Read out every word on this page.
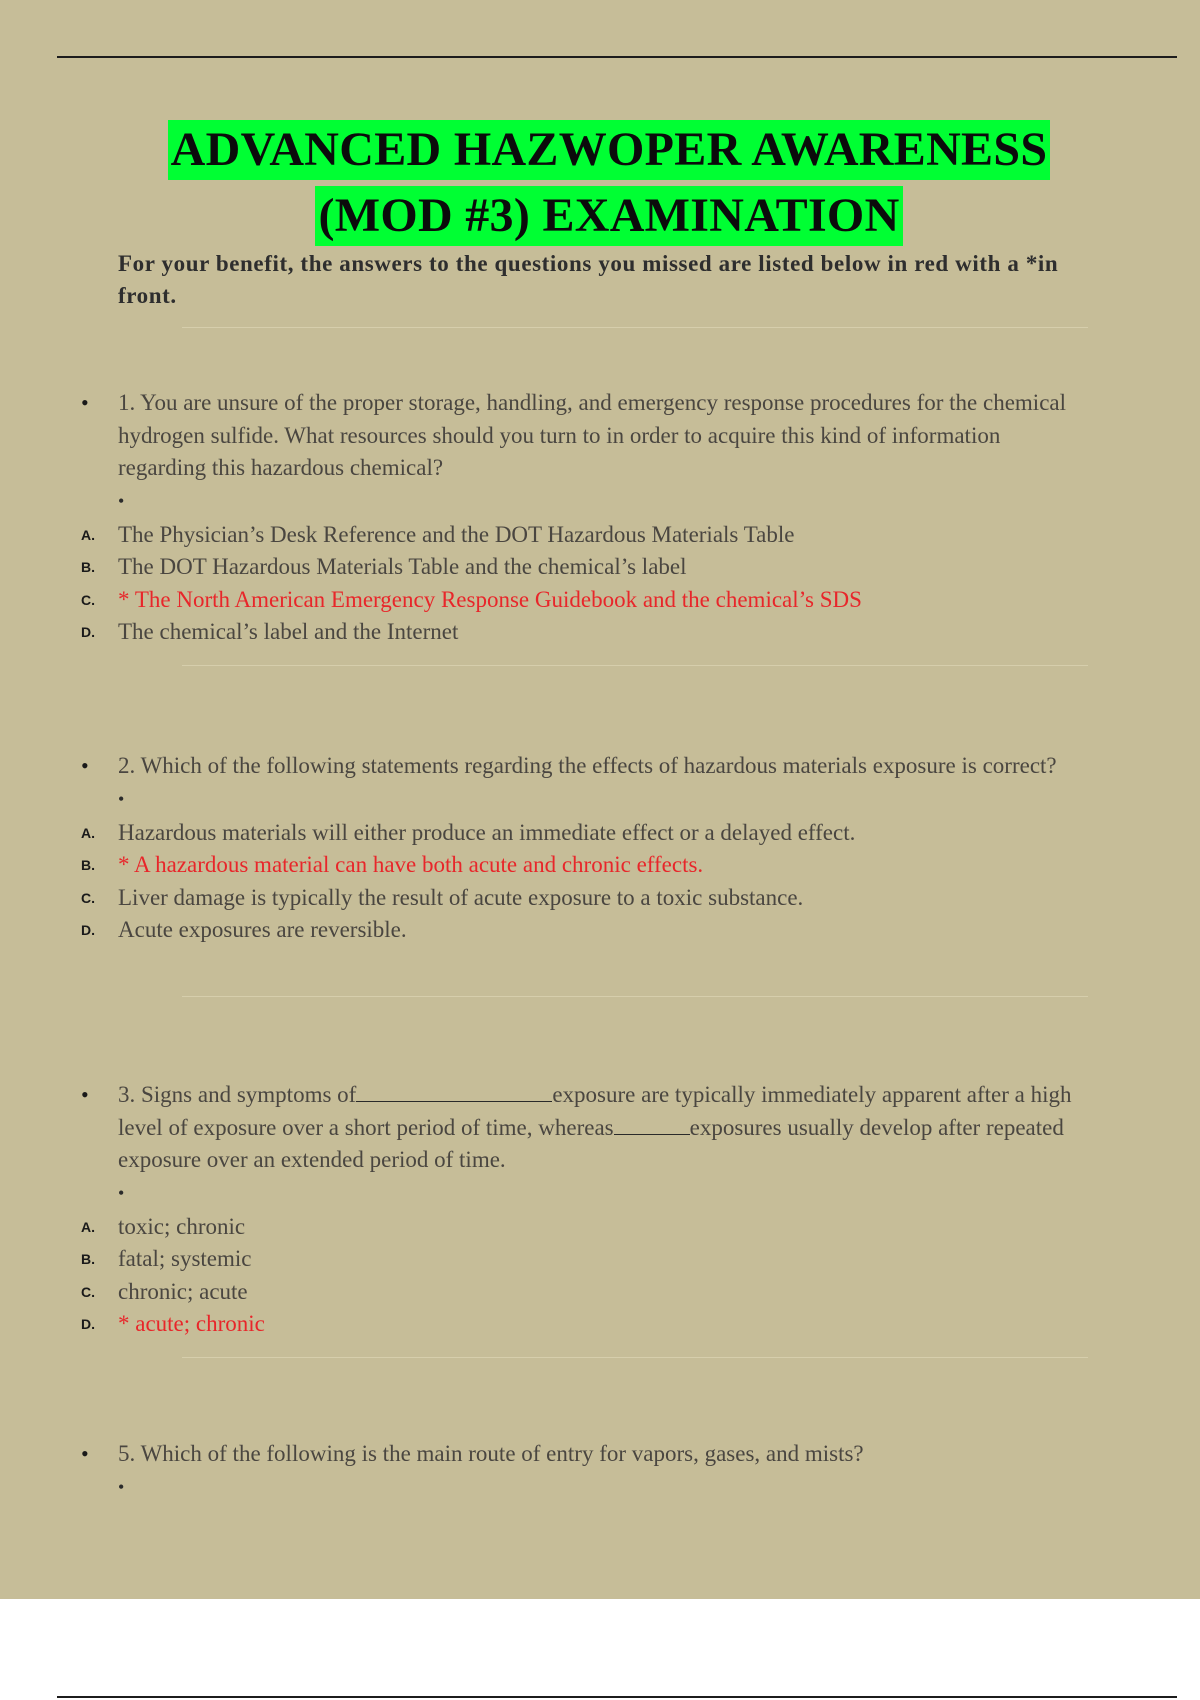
ADVANCED HAZWOPER AWARENESS
(MOD #3) EXAMINATION
For your benefit, the answers to the questions you missed are listed below in red with a *in front.
• 1. You are unsure of the proper storage, handling, and emergency response procedures for the chemical hydrogen sulfide. What resources should you turn to in order to acquire this kind of information regarding this hazardous chemical?
•
A. The Physician’s Desk Reference and the DOT Hazardous Materials Table
B. The DOT Hazardous Materials Table and the chemical’s label
C. * The North American Emergency Response Guidebook and the chemical’s SDS
D. The chemical’s label and the Internet
• 2. Which of the following statements regarding the effects of hazardous materials exposure is correct?
•
A. Hazardous materials will either produce an immediate effect or a delayed effect.
B. * A hazardous material can have both acute and chronic effects.
C. Liver damage is typically the result of acute exposure to a toxic substance.
D. Acute exposures are reversible.
• 3. Signs and symptoms of	exposure are typically immediately apparent after a high level of exposure over a short period of time, whereas	exposures usually develop after repeated exposure over an extended period of time.
•
A. toxic; chronic
B. fatal; systemic
C. chronic; acute
D. * acute; chronic
• 5. Which of the following is the main route of entry for vapors, gases, and mists?
•
